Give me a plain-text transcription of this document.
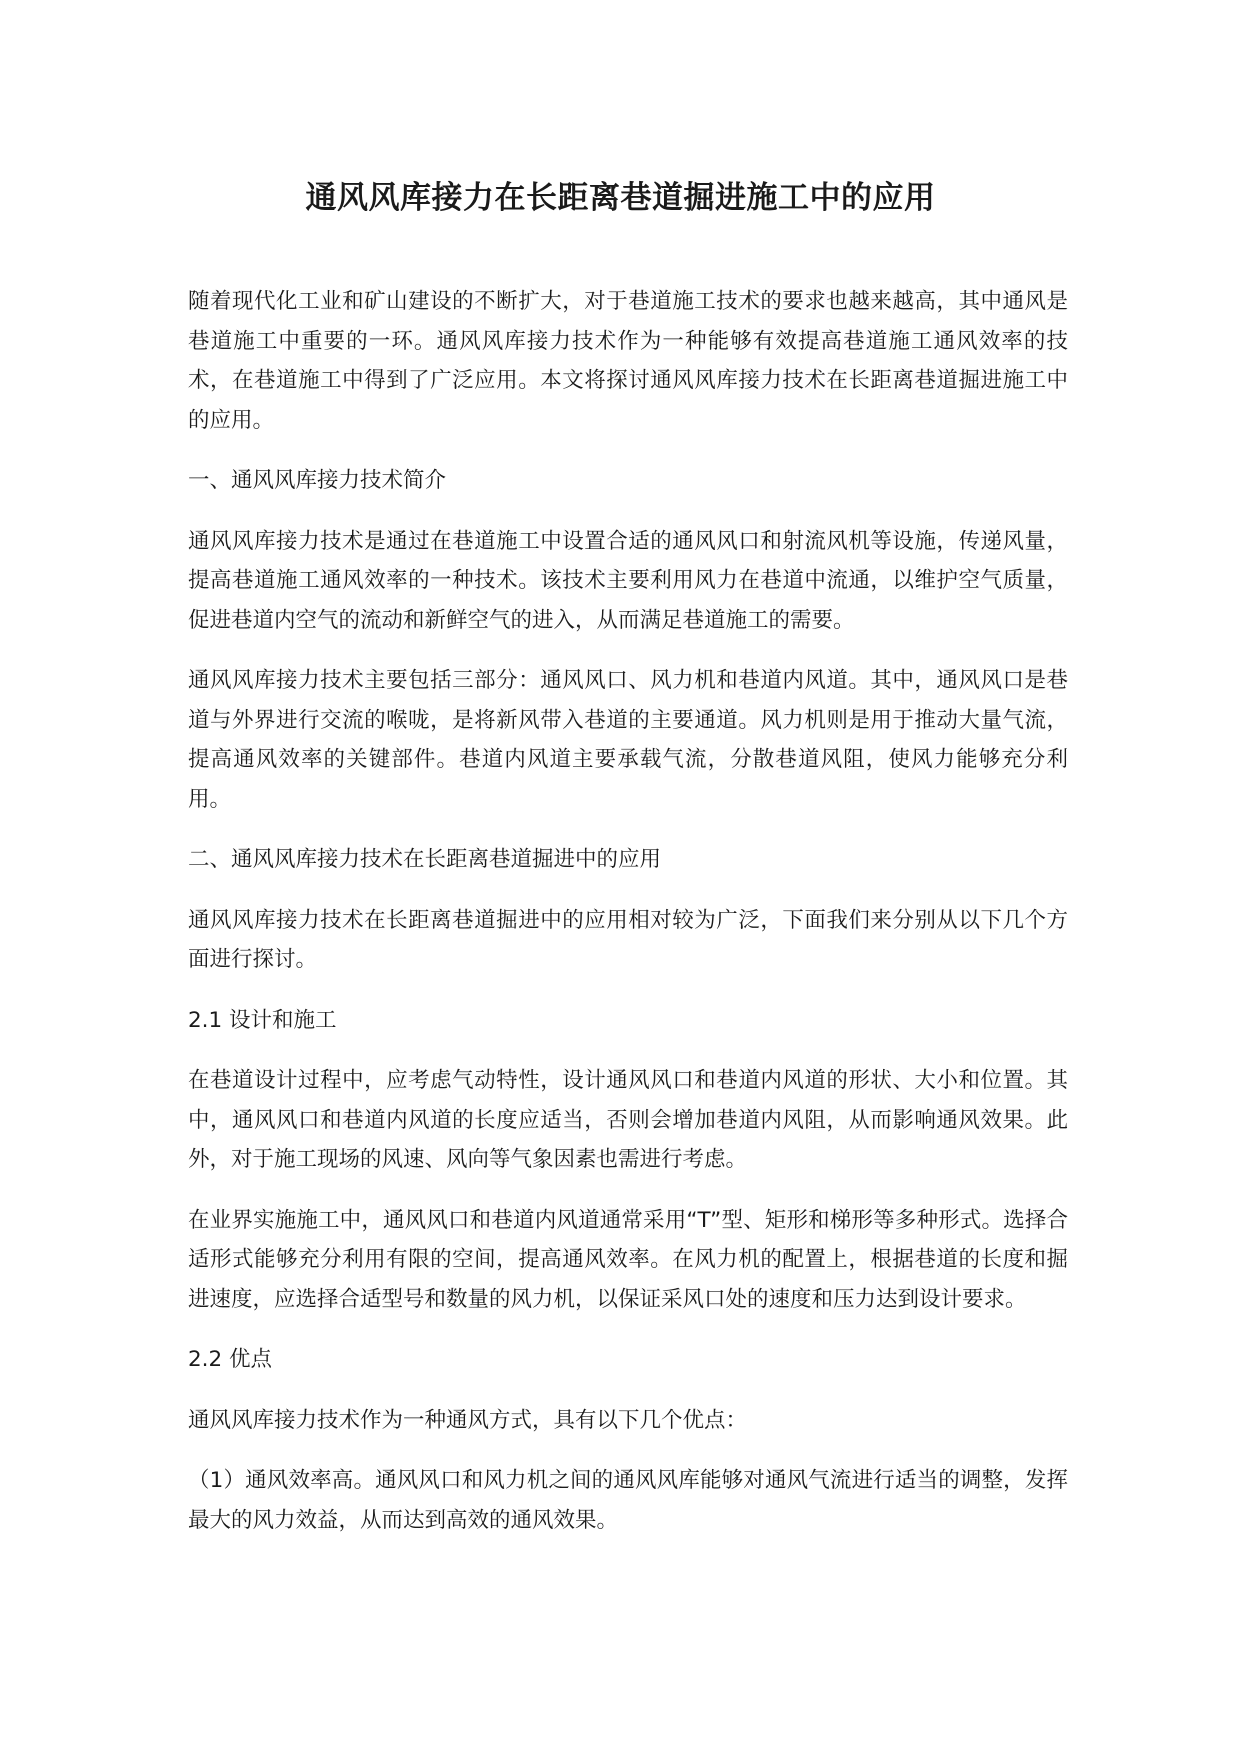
通风风库接力在长距离巷道掘进施工中的应用

随着现代化工业和矿山建设的不断扩大，对于巷道施工技术的要求也越来越高，其中通风是巷道施工中重要的一环。通风风库接力技术作为一种能够有效提高巷道施工通风效率的技术，在巷道施工中得到了广泛应用。本文将探讨通风风库接力技术在长距离巷道掘进施工中的应用。

一、通风风库接力技术简介

通风风库接力技术是通过在巷道施工中设置合适的通风风口和射流风机等设施，传递风量，提高巷道施工通风效率的一种技术。该技术主要利用风力在巷道中流通，以维护空气质量，促进巷道内空气的流动和新鲜空气的进入，从而满足巷道施工的需要。

通风风库接力技术主要包括三部分：通风风口、风力机和巷道内风道。其中，通风风口是巷道与外界进行交流的喉咙，是将新风带入巷道的主要通道。风力机则是用于推动大量气流，提高通风效率的关键部件。巷道内风道主要承载气流，分散巷道风阻，使风力能够充分利用。

二、通风风库接力技术在长距离巷道掘进中的应用

通风风库接力技术在长距离巷道掘进中的应用相对较为广泛，下面我们来分别从以下几个方面进行探讨。

2.1 设计和施工

在巷道设计过程中，应考虑气动特性，设计通风风口和巷道内风道的形状、大小和位置。其中，通风风口和巷道内风道的长度应适当，否则会增加巷道内风阻，从而影响通风效果。此外，对于施工现场的风速、风向等气象因素也需进行考虑。

在业界实施施工中，通风风口和巷道内风道通常采用“T”型、矩形和梯形等多种形式。选择合适形式能够充分利用有限的空间，提高通风效率。在风力机的配置上，根据巷道的长度和掘进速度，应选择合适型号和数量的风力机，以保证采风口处的速度和压力达到设计要求。

2.2 优点

通风风库接力技术作为一种通风方式，具有以下几个优点：

（1）通风效率高。通风风口和风力机之间的通风风库能够对通风气流进行适当的调整，发挥最大的风力效益，从而达到高效的通风效果。
